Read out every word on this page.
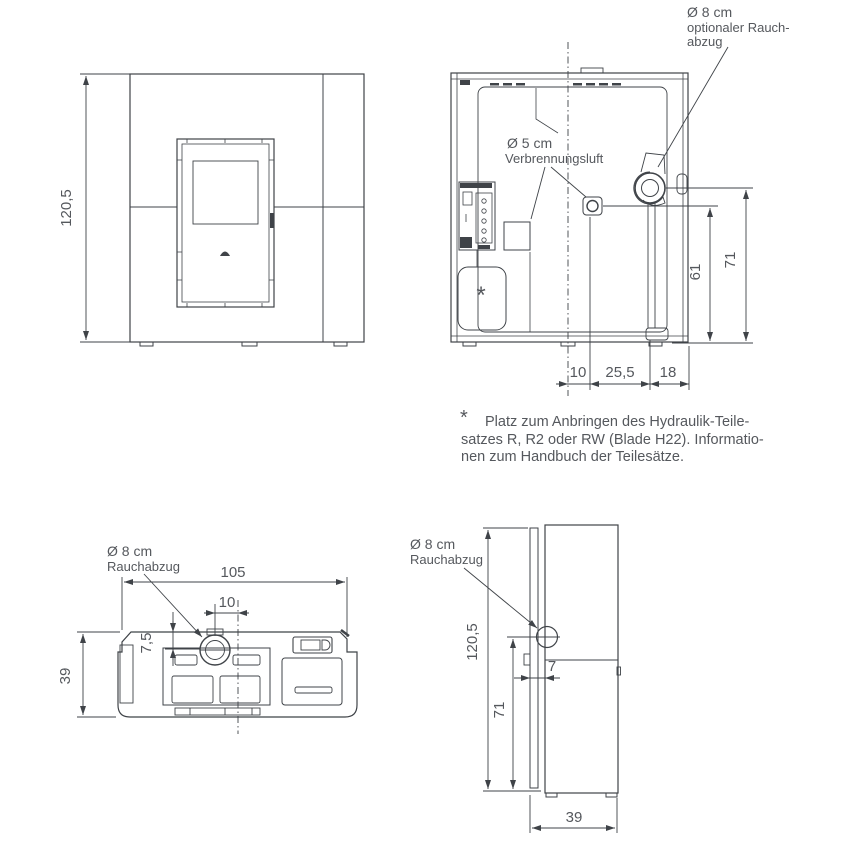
120,5
*
61
71
10 25,5 18
Ø 8 cm
optionaler Rauch-
abzug
Ø 5 cm
Verbrennungsluft
* Platz zum Anbringen des Hydraulik-Teile-
satzes R, R2 oder RW (Blade H22). Informatio-
nen zum Handbuch der Teilesätze.
105
10
7,5
39
Ø 8 cm
Rauchabzug
120,5
71
7
39
Ø 8 cm
Rauchabzug
